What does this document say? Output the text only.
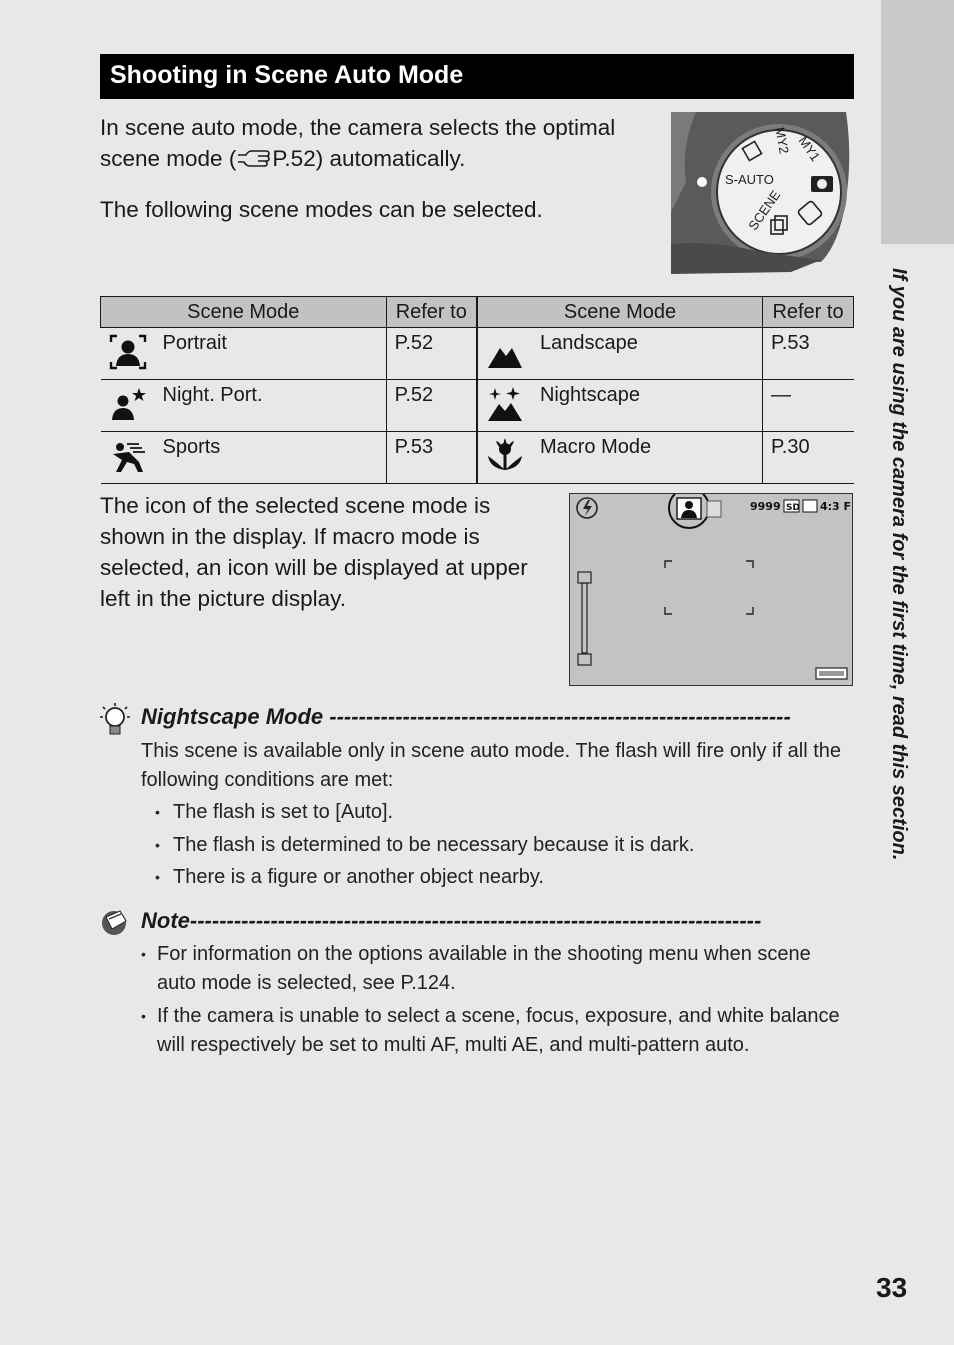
If you are using the camera for the first time, read this section.
Shooting in Scene Auto Mode

In scene auto mode, the camera selects the optimal scene mode ( P.52) automatically.

The following scene modes can be selected.

MY2 MY1
S-AUTO
SCENE
Scene Mode	Refer to	Scene Mode	Refer to

Portrait	P.52	Landscape	P.53

Night. Port.	P.52	Nightscape	—

Sports	P.53	Macro Mode	P.30
The icon of the selected scene mode is shown in the display. If macro mode is selected, an icon will be displayed at upper left in the picture display.
9999 SD 4:3 F
Nightscape Mode ---------------------------------------------------------------

This scene is available only in scene auto mode. The flash will fire only if all the following conditions are met:

• The flash is set to [Auto].
• The flash is determined to be necessary because it is dark.
• There is a figure or another object nearby.
Note------------------------------------------------------------------------------
• For information on the options available in the shooting menu when scene auto mode is selected, see P.124.
• If the camera is unable to select a scene, focus, exposure, and white balance will respectively be set to multi AF, multi AE, and multi-pattern auto.
33
